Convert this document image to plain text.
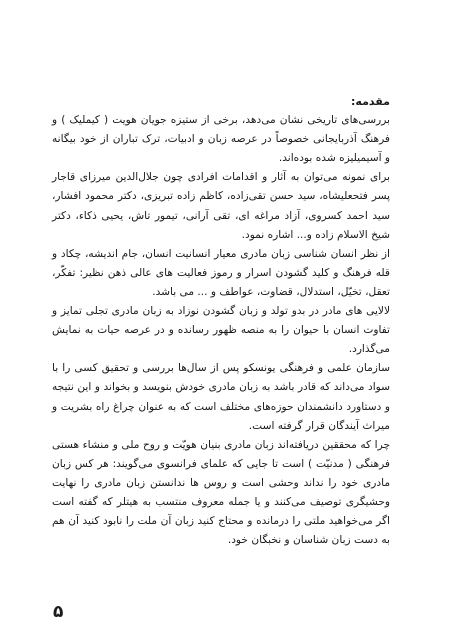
مقدمه:

بررسی‌های تاریخی نشان می‌دهد، برخی از ستیزه جویان هویت ( کیملیک ) و فرهنگ آذربایجانی خصوصاً در عرصه زبان و ادبیات، ترک تباران از خود بیگانه و آسیمیلیزه شده بوده‌اند.

برای نمونه می‌توان به آثار و اقدامات افرادی چون جلال‌الدین میرزای قاجار پسر فتحعلیشاه، سید حسن تقی‌زاده، کاظم زاده تبریزی، دکتر محمود افشار، سید احمد کسروی، آزاد مراغه ای، تقی آرانی، تیمور تاش، یحیی ذکاء، دکتر شیخ الاسلام زاده و... اشاره نمود.

از نظر انسان شناسی زبان مادری معیار انسانیت انسان، جام اندیشه، چکاد و قله فرهنگ و کلید گشودن اسرار و رموز فعالیت های عالی ذهن نظیر: تفکّر، تعقل، تخیّل، استدلال، قضاوت، عواطف و ... می باشد.

لالایی های مادر در بدو تولد و زبان گشودن نوزاد به زبان مادری تجلی تمایز و تفاوت انسان با حیوان را به منصه ظهور رسانده و در عرصه حیات به نمایش می‌گذارد.

سازمان علمی و فرهنگی یونسکو پس از سال‌ها بررسی و تحقیق کسی را با سواد می‌داند که قادر باشد به زبان مادری خودش بنویسد و بخواند و این نتیجه و دستاورد دانشمندان حوزه‌های مختلف است که به عنوان چراغ راه بشریت و میراث آیندگان قرار گرفته است.

چرا که محققین دریافته‌اند زبان مادری بنیان هویّت و روح ملی و منشاء هستی فرهنگی ( مدنیّت ) است تا جایی که علمای فرانسوی می‌گویند: هر کس زبان مادری خود را نداند وحشی است و روس ها ندانستن زبان مادری را نهایت وحشیگری توصیف می‌کنند و یا جمله معروف منتسب به هیتلر که گفته است اگر می‌خواهید ملتی را درمانده و محتاج کنید زبان آن ملت را نابود کنید آن هم به دست زبان شناسان و نخبگان خود.

۵
